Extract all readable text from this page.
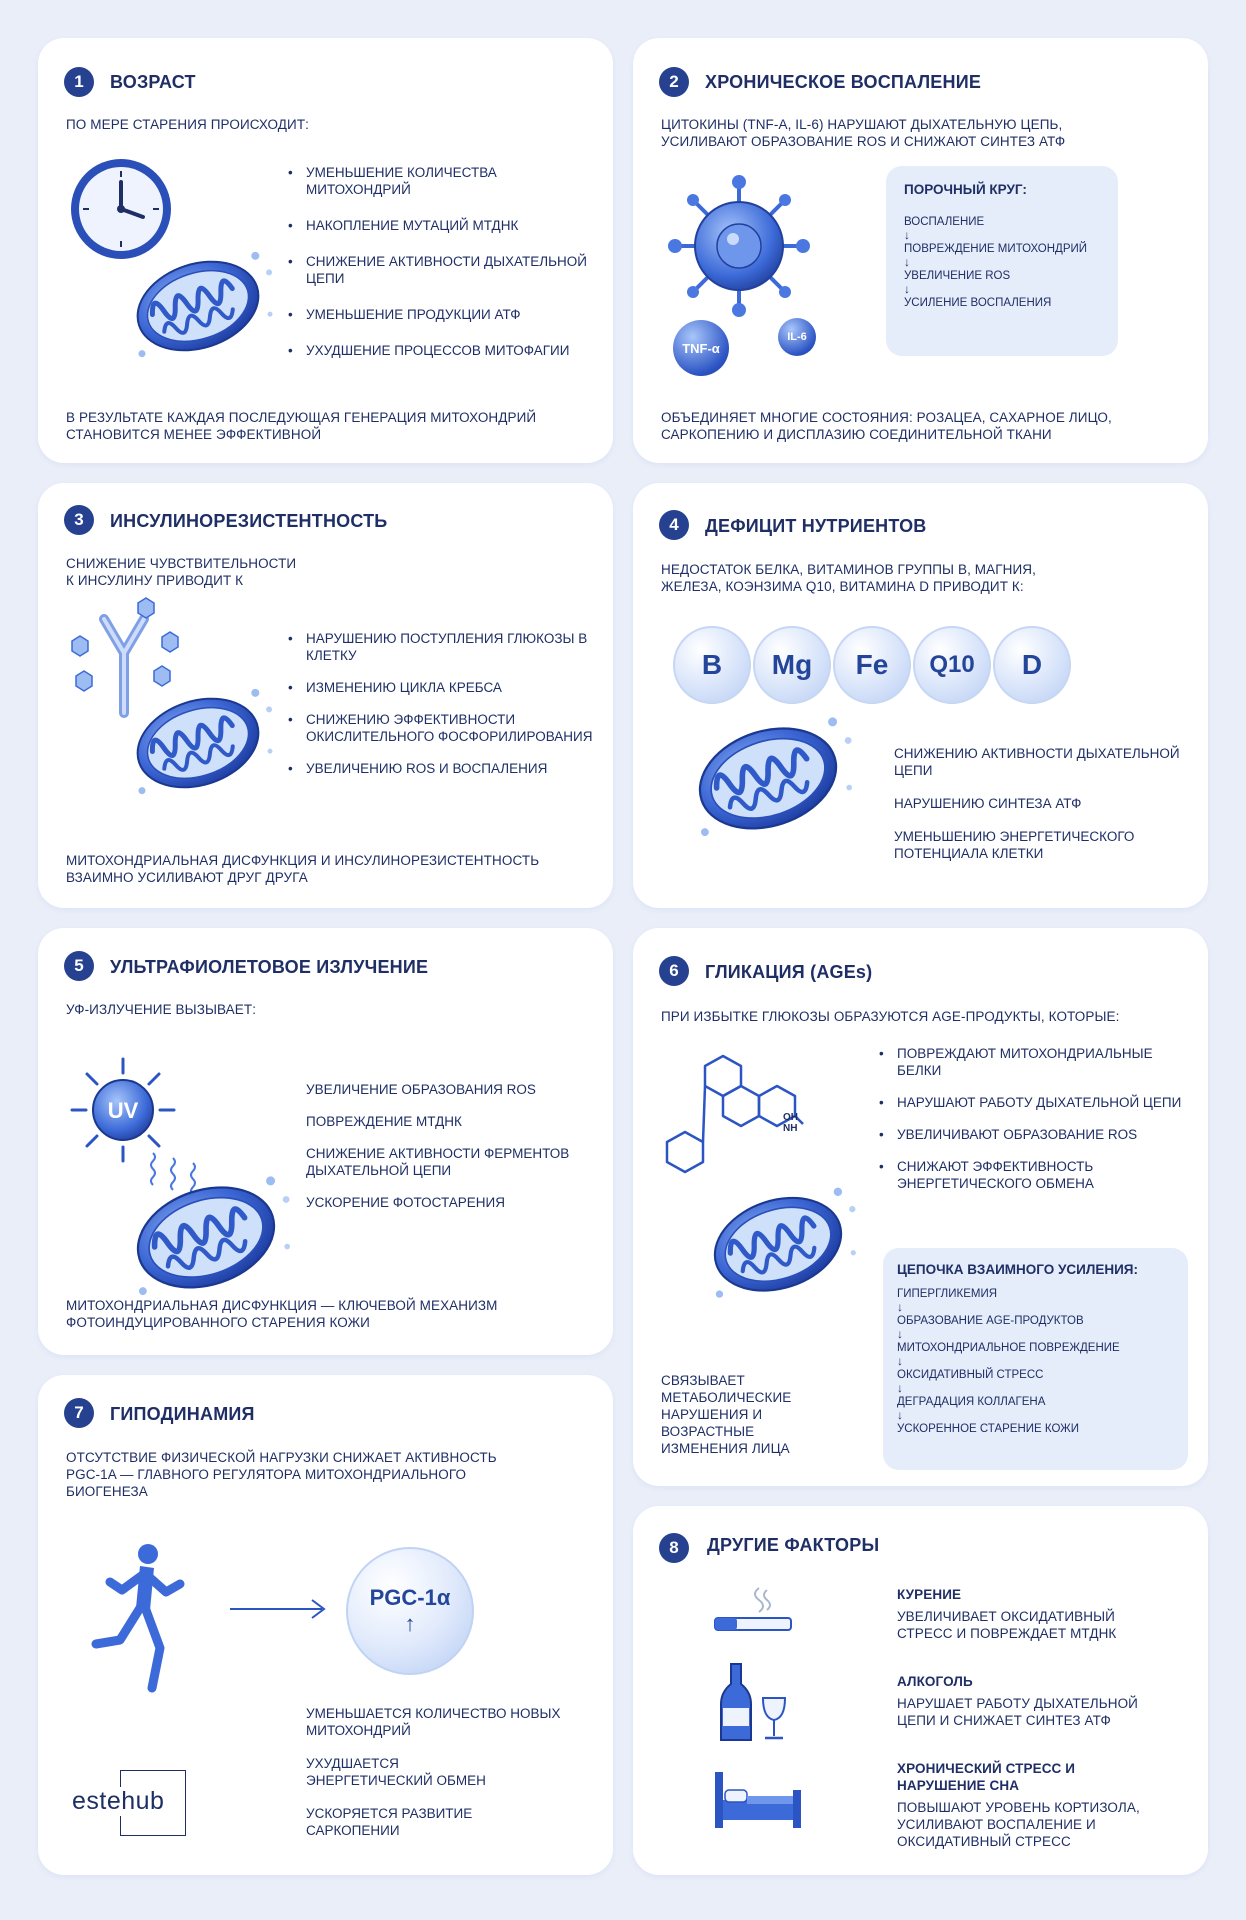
1	ВОЗРАСТ
ПО МЕРЕ СТАРЕНИЯ ПРОИСХОДИТ:
• УМЕНЬШЕНИЕ КОЛИЧЕСТВА МИТОХОНДРИЙ
• НАКОПЛЕНИЕ МУТАЦИЙ МТДНК
• СНИЖЕНИЕ АКТИВНОСТИ ДЫХАТЕЛЬНОЙ ЦЕПИ
• УМЕНЬШЕНИЕ ПРОДУКЦИИ АТФ
• УХУДШЕНИЕ ПРОЦЕССОВ МИТОФАГИИ
В РЕЗУЛЬТАТЕ КАЖДАЯ ПОСЛЕДУЮЩАЯ ГЕНЕРАЦИЯ МИТОХОНДРИЙ СТАНОВИТСЯ МЕНЕЕ ЭФФЕКТИВНОЙ
2	ХРОНИЧЕСКОЕ ВОСПАЛЕНИЕ
ЦИТОКИНЫ (TNF-A, IL-6) НАРУШАЮТ ДЫХАТЕЛЬНУЮ ЦЕПЬ, УСИЛИВАЮТ ОБРАЗОВАНИЕ ROS И СНИЖАЮТ СИНТЕЗ АТФ
TNF-α
IL-6
ПОРОЧНЫЙ КРУГ:
ВОСПАЛЕНИЕ
↓
ПОВРЕЖДЕНИЕ МИТОХОНДРИЙ
↓
УВЕЛИЧЕНИЕ ROS
↓
УСИЛЕНИЕ ВОСПАЛЕНИЯ
ОБЪЕДИНЯЕТ МНОГИЕ СОСТОЯНИЯ: РОЗАЦЕА, САХАРНОЕ ЛИЦО, САРКОПЕНИЮ И ДИСПЛАЗИЮ СОЕДИНИТЕЛЬНОЙ ТКАНИ
3	ИНСУЛИНОРЕЗИСТЕНТНОСТЬ
СНИЖЕНИЕ ЧУВСТВИТЕЛЬНОСТИ К ИНСУЛИНУ ПРИВОДИТ К
• НАРУШЕНИЮ ПОСТУПЛЕНИЯ ГЛЮКОЗЫ В КЛЕТКУ
• ИЗМЕНЕНИЮ ЦИКЛА КРЕБСА
• СНИЖЕНИЮ ЭФФЕКТИВНОСТИ ОКИСЛИТЕЛЬНОГО ФОСФОРИЛИРОВАНИЯ
• УВЕЛИЧЕНИЮ ROS И ВОСПАЛЕНИЯ
МИТОХОНДРИАЛЬНАЯ ДИСФУНКЦИЯ И ИНСУЛИНОРЕЗИСТЕНТНОСТЬ ВЗАИМНО УСИЛИВАЮТ ДРУГ ДРУГА
4	ДЕФИЦИТ НУТРИЕНТОВ
НЕДОСТАТОК БЕЛКА, ВИТАМИНОВ ГРУППЫ B, МАГНИЯ, ЖЕЛЕЗА, КОЭНЗИМА Q10, ВИТАМИНА D ПРИВОДИТ К:
B	Mg	Fe	Q10	D
СНИЖЕНИЮ АКТИВНОСТИ ДЫХАТЕЛЬНОЙ ЦЕПИ
НАРУШЕНИЮ СИНТЕЗА АТФ
УМЕНЬШЕНИЮ ЭНЕРГЕТИЧЕСКОГО ПОТЕНЦИАЛА КЛЕТКИ
5	УЛЬТРАФИОЛЕТОВОЕ ИЗЛУЧЕНИЕ
УФ-ИЗЛУЧЕНИЕ ВЫЗЫВАЕТ:
UV
УВЕЛИЧЕНИЕ ОБРАЗОВАНИЯ ROS
ПОВРЕЖДЕНИЕ МТДНК
СНИЖЕНИЕ АКТИВНОСТИ ФЕРМЕНТОВ ДЫХАТЕЛЬНОЙ ЦЕПИ
УСКОРЕНИЕ ФОТОСТАРЕНИЯ
МИТОХОНДРИАЛЬНАЯ ДИСФУНКЦИЯ — КЛЮЧЕВОЙ МЕХАНИЗМ ФОТОИНДУЦИРОВАННОГО СТАРЕНИЯ КОЖИ
6	ГЛИКАЦИЯ (AGEs)
ПРИ ИЗБЫТКЕ ГЛЮКОЗЫ ОБРАЗУЮТСЯ AGE-ПРОДУКТЫ, КОТОРЫЕ:
OH NH
• ПОВРЕЖДАЮТ МИТОХОНДРИАЛЬНЫЕ БЕЛКИ
• НАРУШАЮТ РАБОТУ ДЫХАТЕЛЬНОЙ ЦЕПИ
• УВЕЛИЧИВАЮТ ОБРАЗОВАНИЕ ROS
• СНИЖАЮТ ЭФФЕКТИВНОСТЬ ЭНЕРГЕТИЧЕСКОГО ОБМЕНА
ЦЕПОЧКА ВЗАИМНОГО УСИЛЕНИЯ:
ГИПЕРГЛИКЕМИЯ
↓
ОБРАЗОВАНИЕ AGE-ПРОДУКТОВ
↓
МИТОХОНДРИАЛЬНОЕ ПОВРЕЖДЕНИЕ
↓
ОКСИДАТИВНЫЙ СТРЕСС
↓
ДЕГРАДАЦИЯ КОЛЛАГЕНА
↓
УСКОРЕННОЕ СТАРЕНИЕ КОЖИ
СВЯЗЫВАЕТ МЕТАБОЛИЧЕСКИЕ НАРУШЕНИЯ И ВОЗРАСТНЫЕ ИЗМЕНЕНИЯ ЛИЦА
7	ГИПОДИНАМИЯ
ОТСУТСТВИЕ ФИЗИЧЕСКОЙ НАГРУЗКИ СНИЖАЕТ АКТИВНОСТЬ PGC-1A — ГЛАВНОГО РЕГУЛЯТОРА МИТОХОНДРИАЛЬНОГО БИОГЕНЕЗА
PGC-1α
↑
УМЕНЬШАЕТСЯ КОЛИЧЕСТВО НОВЫХ МИТОХОНДРИЙ
УХУДШАЕТСЯ ЭНЕРГЕТИЧЕСКИЙ ОБМЕН
УСКОРЯЕТСЯ РАЗВИТИЕ САРКОПЕНИИ
estehub
8	ДРУГИЕ ФАКТОРЫ
КУРЕНИЕ
УВЕЛИЧИВАЕТ ОКСИДАТИВНЫЙ СТРЕСС И ПОВРЕЖДАЕТ МТДНК
АЛКОГОЛЬ
НАРУШАЕТ РАБОТУ ДЫХАТЕЛЬНОЙ ЦЕПИ И СНИЖАЕТ СИНТЕЗ АТФ
ХРОНИЧЕСКИЙ СТРЕСС И НАРУШЕНИЕ СНА
ПОВЫШАЮТ УРОВЕНЬ КОРТИЗОЛА, УСИЛИВАЮТ ВОСПАЛЕНИЕ И ОКСИДАТИВНЫЙ СТРЕСС
